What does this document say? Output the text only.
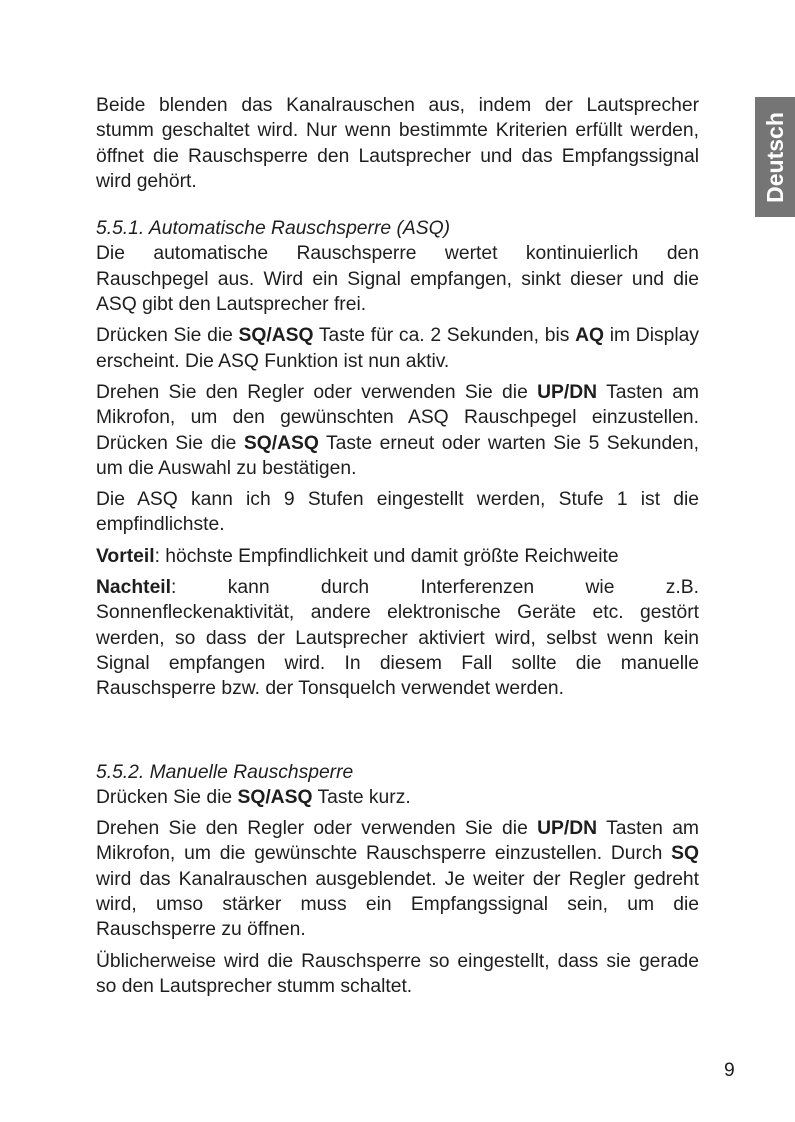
Deutsch

Beide blenden das Kanalrauschen aus, indem der Lautsprecher stumm geschaltet wird. Nur wenn bestimmte Kriterien erfüllt werden, öffnet die Rauschsperre den Lautsprecher und das Empfangssignal wird gehört.

5.5.1. Automatische Rauschsperre (ASQ)

Die automatische Rauschsperre wertet kontinuierlich den Rauschpegel aus. Wird ein Signal empfangen, sinkt dieser und die ASQ gibt den Lautsprecher frei.

Drücken Sie die SQ/ASQ Taste für ca. 2 Sekunden, bis AQ im Display erscheint. Die ASQ Funktion ist nun aktiv.

Drehen Sie den Regler oder verwenden Sie die UP/DN Tasten am Mikrofon, um den gewünschten ASQ Rauschpegel einzustellen. Drücken Sie die SQ/ASQ Taste erneut oder warten Sie 5 Sekunden, um die Auswahl zu bestätigen.

Die ASQ kann ich 9 Stufen eingestellt werden, Stufe 1 ist die empfindlichste.

Vorteil: höchste Empfindlichkeit und damit größte Reichweite

Nachteil:	kann	durch	Interferenzen	wie	z.B.
Sonnenfleckenaktivität, andere elektronische Geräte etc. gestört werden, so dass der Lautsprecher aktiviert wird, selbst wenn kein Signal empfangen wird. In diesem Fall sollte die manuelle Rauschsperre bzw. der Tonsquelch verwendet werden.

5.5.2. Manuelle Rauschsperre

Drücken Sie die SQ/ASQ Taste kurz.

Drehen Sie den Regler oder verwenden Sie die UP/DN Tasten am Mikrofon, um die gewünschte Rauschsperre einzustellen. Durch SQ wird das Kanalrauschen ausgeblendet. Je weiter der Regler gedreht wird, umso stärker muss ein Empfangssignal sein, um die Rauschsperre zu öffnen.

Üblicherweise wird die Rauschsperre so eingestellt, dass sie gerade so den Lautsprecher stumm schaltet.

9
